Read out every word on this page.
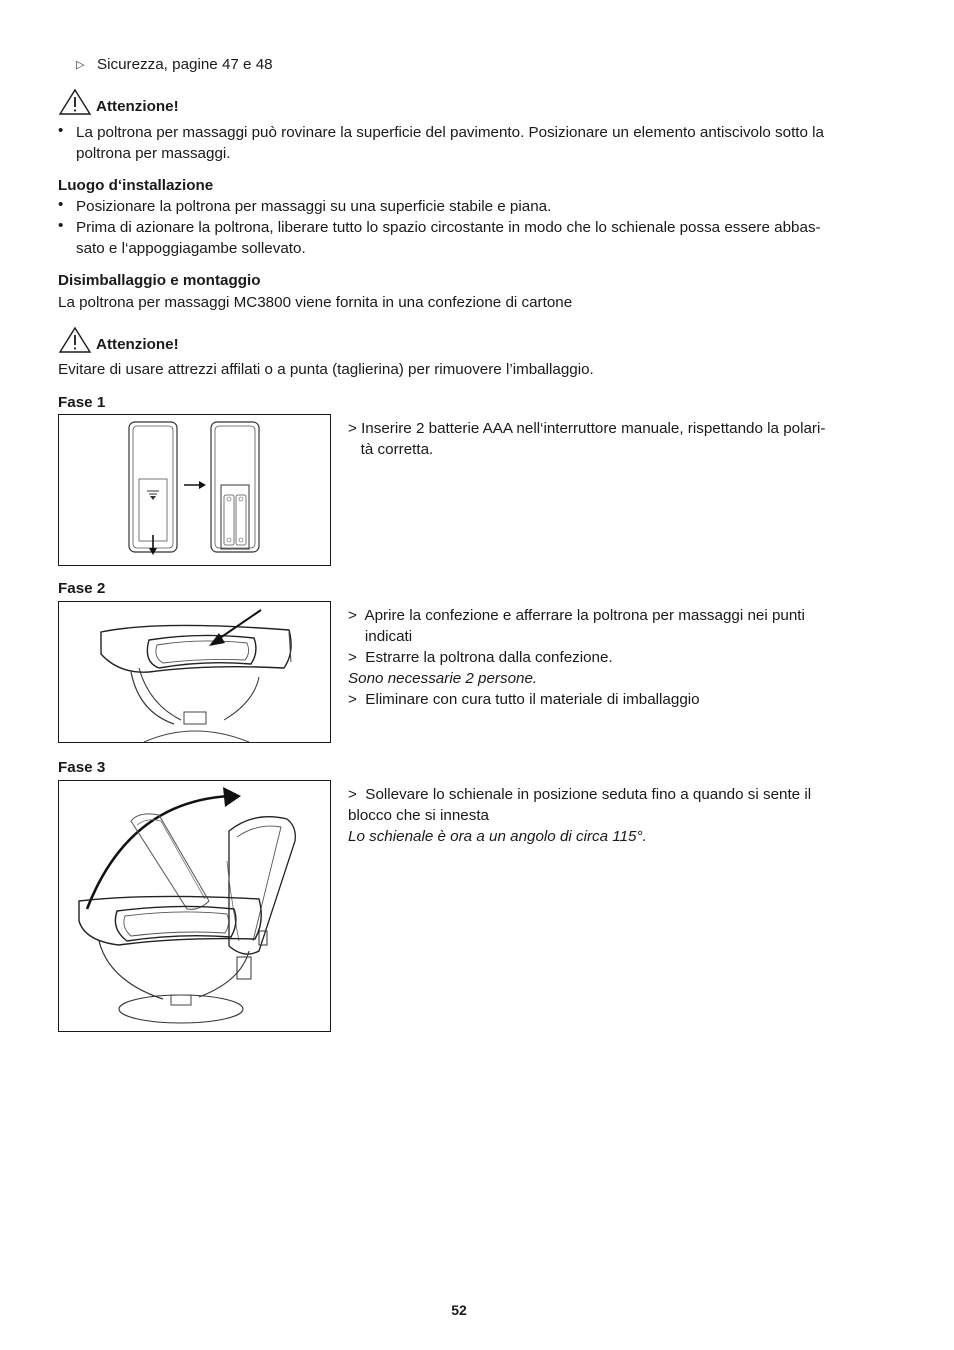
▷ Sicurezza, pagine 47 e 48
Attenzione!
• La poltrona per massaggi può rovinare la superficie del pavimento. Posizionare un elemento antiscivolo sotto la
poltrona per massaggi.
Luogo d‘installazione
• Posizionare la poltrona per massaggi su una superficie stabile e piana.
• Prima di azionare la poltrona, liberare tutto lo spazio circostante in modo che lo schienale possa essere abbas-
sato e l‘appoggiagambe sollevato.
Disimballaggio e montaggio
La poltrona per massaggi MC3800 viene fornita in una confezione di cartone
Attenzione!
Evitare di usare attrezzi affilati o a punta (taglierina) per rimuovere l’imballaggio.
Fase 1
> Inserire 2 batterie AAA nell‘interruttore manuale, rispettando la polari-
tà corretta.
Fase 2
>  Aprire la confezione e afferrare la poltrona per massaggi nei punti
indicati
>  Estrarre la poltrona dalla confezione.
Sono necessarie 2 persone.
>  Eliminare con cura tutto il materiale di imballaggio
Fase 3
>  Sollevare lo schienale in posizione seduta fino a quando si sente il
blocco che si innesta
Lo schienale è ora a un angolo di circa 115°.
52
